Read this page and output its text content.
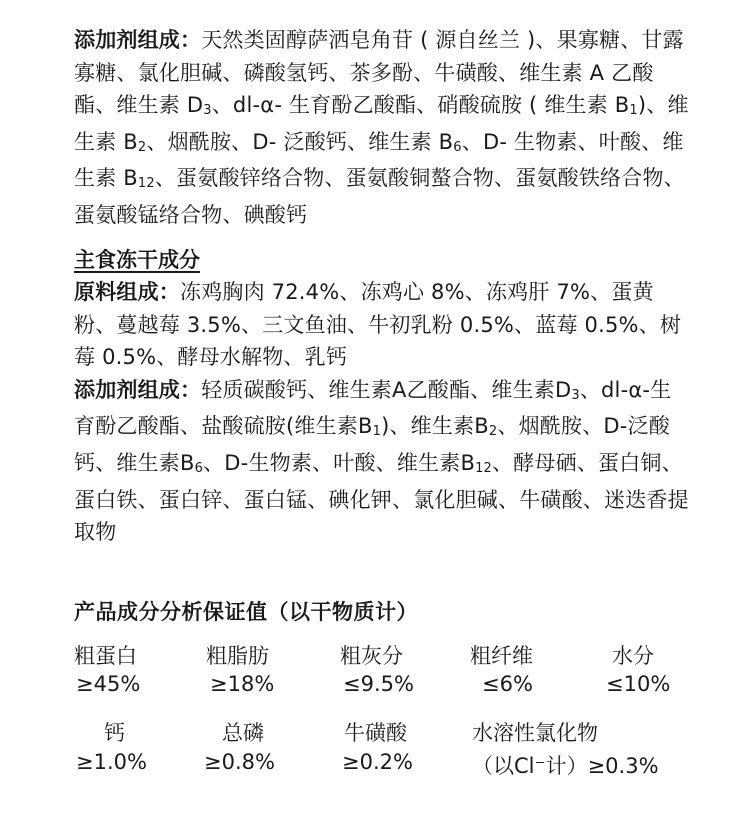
添加剂组成：天然类固醇萨洒皂角苷 ( 源自丝兰 )、果寡糖、甘露寡糖、氯化胆碱、磷酸氢钙、茶多酚、牛磺酸、维生素 A 乙酸酯、维生素 D3、dl-α- 生育酚乙酸酯、硝酸硫胺 ( 维生素 B1)、维生素 B2、烟酰胺、D- 泛酸钙、维生素 B6、D- 生物素、叶酸、维生素 B12、蛋氨酸锌络合物、蛋氨酸铜螯合物、蛋氨酸铁络合物、蛋氨酸锰络合物、碘酸钙

主食冻干成分

原料组成：冻鸡胸肉 72.4%、冻鸡心 8%、冻鸡肝 7%、蛋黄粉、蔓越莓 3.5%、三文鱼油、牛初乳粉 0.5%、蓝莓 0.5%、树莓 0.5%、酵母水解物、乳钙

添加剂组成：轻质碳酸钙、维生素A乙酸酯、维生素D3、dl-α-生育酚乙酸酯、盐酸硫胺(维生素B1)、维生素B2、烟酰胺、D-泛酸钙、维生素B6、D-生物素、叶酸、维生素B12、酵母硒、蛋白铜、蛋白铁、蛋白锌、蛋白锰、碘化钾、氯化胆碱、牛磺酸、迷迭香提取物

产品成分分析保证值（以干物质计）

粗蛋白	粗脂肪	粗灰分	粗纤维	水分
≥45%	≥18%	≤9.5%	≤6%	≤10%
钙	总磷	牛磺酸	水溶性氯化物
≥1.0%	≥0.8%	≥0.2%	（以Cl⁻计）≥0.3%
